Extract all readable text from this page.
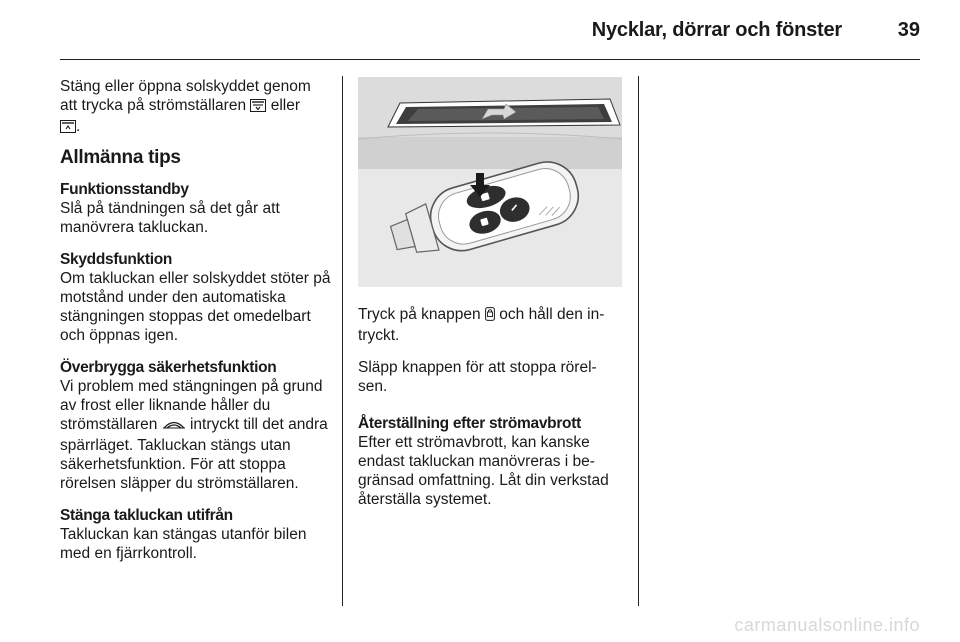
Nycklar, dörrar och fönster	39

Stäng eller öppna solskyddet genom att trycka på strömställaren eller
.

Allmänna tips
Funktionsstandby

Slå på tändningen så det går att manövrera takluckan.

Skyddsfunktion

Om takluckan eller solskyddet stöter på motstånd under den automatiska stängningen stoppas det omedelbart och öppnas igen.

Överbrygga säkerhetsfunktion

Vi problem med stängningen på grund av frost eller liknande håller du strömställaren intryckt till det andra spärrläget. Takluckan stängs utan säkerhetsfunktion. För att stoppa rörelsen släpper du strömställaren.

Stänga takluckan utifrån

Takluckan kan stängas utanför bilen med en fjärrkontroll.

Tryck på knappen och håll den in-tryckt.

Släpp knappen för att stoppa rörel-sen.

Återställning efter strömavbrott

Efter ett strömavbrott, kan kanske endast takluckan manövreras i be-gränsad omfattning. Låt din verkstad återställa systemet.

carmanualsonline.info
